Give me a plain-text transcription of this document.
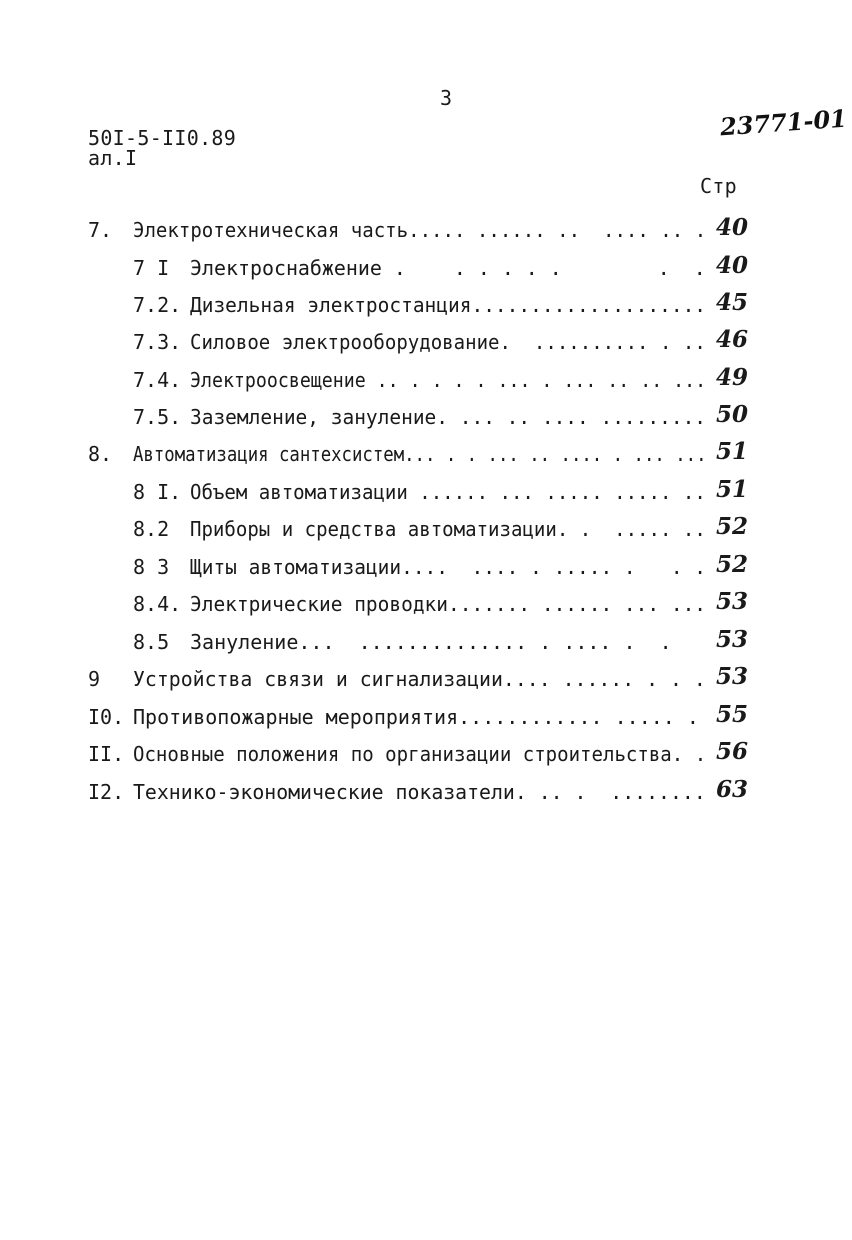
3
50I-5-II0.89
ал.I
23771-01
Стр
7. Электротехническая часть..... ...... ..  .... .. . 40
7 I Электроснабжение .    . . . . .        .  . 40
7.2. Дизельная электростанция.................... 45
7.3. Силовое электрооборудование.  .......... . .. 46
7.4. Электроосвещение .. . . . . ... . ... .. .. ... 49
7.5. Заземление, зануление. ... .. .... ......... 50
8. Автоматизация сантехсистем... . . ... .. .... . ... ... 51
8 I. Объем автоматизации ...... ... ..... ..... .. 51
8.2 Приборы и средства автоматизации. .  ..... .. 52
8 3 Щиты автоматизации....  .... . ..... .   . . 52
8.4. Электрические проводки....... ...... ... ... 53
8.5 Зануление...  .............. . .... .  . 53
9 Устройства связи и сигнализации.... ...... . . . 53
I0. Противопожарные мероприятия............ ..... . 55
II. Основные положения по организации строительства. . 56
I2. Технико-экономические показатели. .. .  ........ 63
